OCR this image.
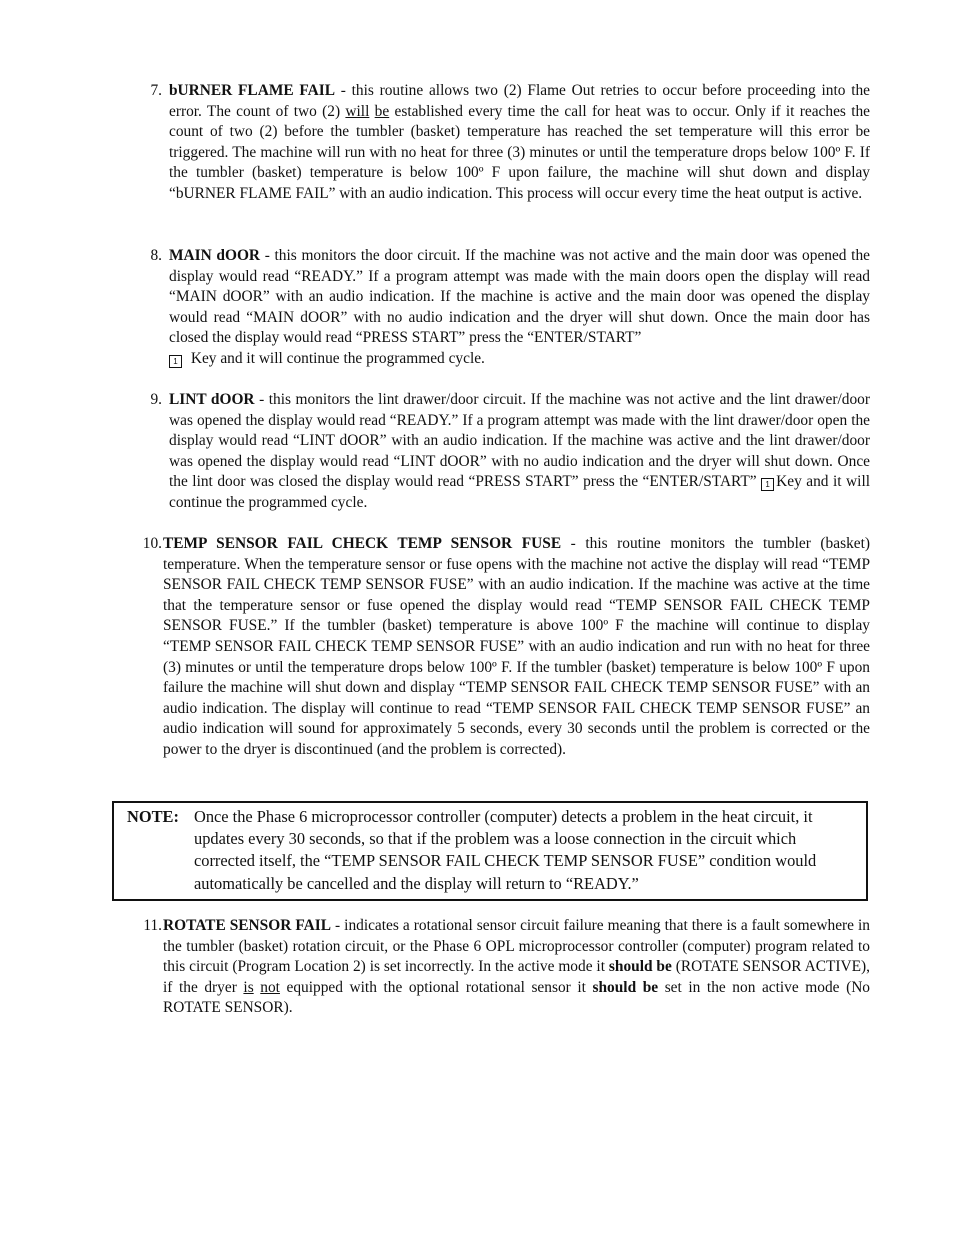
7. bURNER FLAME FAIL - this routine allows two (2) Flame Out retries to occur before proceeding into the error. The count of two (2) will be established every time the call for heat was to occur. Only if it reaches the count of two (2) before the tumbler (basket) temperature has reached the set temperature will this error be triggered. The machine will run with no heat for three (3) minutes or until the temperature drops below 100º F. If the tumbler (basket) temperature is below 100º F upon failure, the machine will shut down and display “bURNER FLAME FAIL” with an audio indication. This process will occur every time the heat output is active.
8. MAIN dOOR - this monitors the door circuit. If the machine was not active and the main door was opened the display would read “READY.” If a program attempt was made with the main doors open the display will read “MAIN dOOR” with an audio indication. If the machine is active and the main door was opened the display would read “MAIN dOOR” with no audio indication and the dryer will shut down. Once the main door has closed the display would read “PRESS START” press the “ENTER/START”
1 Key and it will continue the programmed cycle.
9. LINT dOOR - this monitors the lint drawer/door circuit. If the machine was not active and the lint drawer/door was opened the display would read “READY.” If a program attempt was made with the lint drawer/door open the display would read “LINT dOOR” with an audio indication. If the machine was active and the lint drawer/door was opened the display would read “LINT dOOR” with no audio indication and the dryer will shut down. Once the lint door was closed the display would read “PRESS START” press the “ENTER/START” 1 Key and it will continue the programmed cycle.
10. TEMP SENSOR FAIL CHECK TEMP SENSOR FUSE - this routine monitors the tumbler (basket) temperature. When the temperature sensor or fuse opens with the machine not active the display will read “TEMP SENSOR FAIL CHECK TEMP SENSOR FUSE” with an audio indication. If the machine was active at the time that the temperature sensor or fuse opened the display would read “TEMP SENSOR FAIL CHECK TEMP SENSOR FUSE.” If the tumbler (basket) temperature is above 100º F the machine will continue to display “TEMP SENSOR FAIL CHECK TEMP SENSOR FUSE” with an audio indication and run with no heat for three (3) minutes or until the temperature drops below 100º F. If the tumbler (basket) temperature is below 100º F upon failure the machine will shut down and display “TEMP SENSOR FAIL CHECK TEMP SENSOR FUSE” with an audio indication. The display will continue to read “TEMP SENSOR FAIL CHECK TEMP SENSOR FUSE” an audio indication will sound for approximately 5 seconds, every 30 seconds until the problem is corrected or the power to the dryer is discontinued (and the problem is corrected).
NOTE: Once the Phase 6 microprocessor controller (computer) detects a problem in the heat circuit, it updates every 30 seconds, so that if the problem was a loose connection in the circuit which corrected itself, the “TEMP SENSOR FAIL CHECK TEMP SENSOR FUSE” condition would automatically be cancelled and the display will return to “READY.”
11. ROTATE SENSOR FAIL - indicates a rotational sensor circuit failure meaning that there is a fault somewhere in the tumbler (basket) rotation circuit, or the Phase 6 OPL microprocessor controller (computer) program related to this circuit (Program Location 2) is set incorrectly. In the active mode it should be (ROTATE SENSOR ACTIVE), if the dryer is not equipped with the optional rotational sensor it should be set in the non active mode (No ROTATE SENSOR).
